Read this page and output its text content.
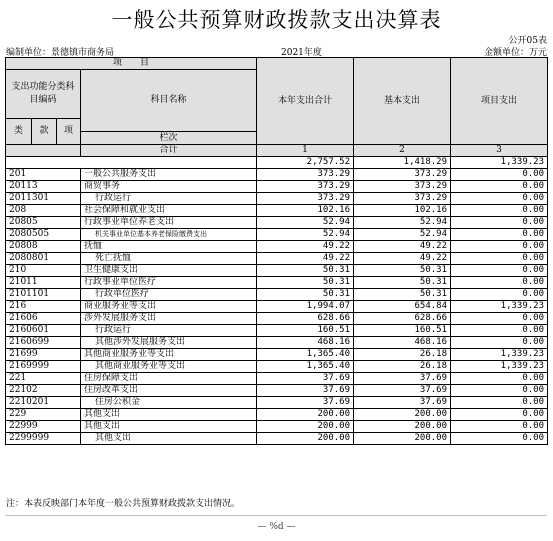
一般公共预算财政拨款支出决算表
公开05表
编制单位：景德镇市商务局	2021年度	金额单位：万元
项　　目				本年支出合计	基本支出	项目支出
支出功能分类科目编码			科目名称			
类	款	项				
			栏次			
			合计	1	2	3
				2,757.52	1,418.29	1,339.23
201			一般公共服务支出	373.29	373.29	0.00
20113			商贸事务	373.29	373.29	0.00
2011301			行政运行	373.29	373.29	0.00
208			社会保障和就业支出	102.16	102.16	0.00
20805			行政事业单位养老支出	52.94	52.94	0.00
2080505			机关事业单位基本养老保险缴费支出	52.94	52.94	0.00
20808			抚恤	49.22	49.22	0.00
2080801			死亡抚恤	49.22	49.22	0.00
210			卫生健康支出	50.31	50.31	0.00
21011			行政事业单位医疗	50.31	50.31	0.00
2101101			行政单位医疗	50.31	50.31	0.00
216			商业服务业等支出	1,994.07	654.84	1,339.23
21606			涉外发展服务支出	628.66	628.66	0.00
2160601			行政运行	160.51	160.51	0.00
2160699			其他涉外发展服务支出	468.16	468.16	0.00
21699			其他商业服务业等支出	1,365.40	26.18	1,339.23
2169999			其他商业服务业等支出	1,365.40	26.18	1,339.23
221			住房保障支出	37.69	37.69	0.00
22102			住房改革支出	37.69	37.69	0.00
2210201			住房公积金	37.69	37.69	0.00
229			其他支出	200.00	200.00	0.00
22999			其他支出	200.00	200.00	0.00
2299999			其他支出	200.00	200.00	0.00

注：本表反映部门本年度一般公共预算财政拨款支出情况。
— %d —
